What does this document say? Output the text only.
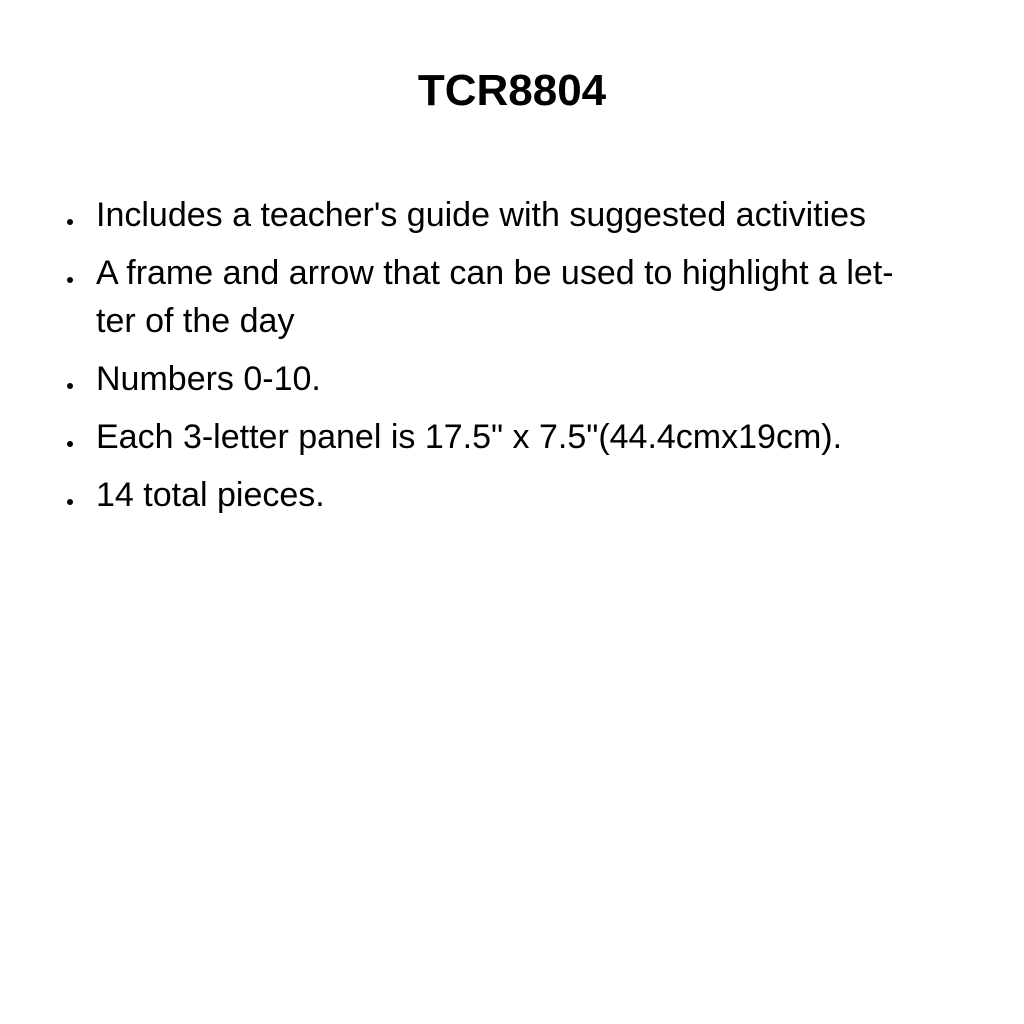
TCR8804
Includes a teacher's guide with suggested activities
A frame and arrow that can be used to highlight a let-
ter of the day
Numbers 0-10.
Each 3-letter panel is 17.5" x 7.5"(44.4cmx19cm).
14 total pieces.
